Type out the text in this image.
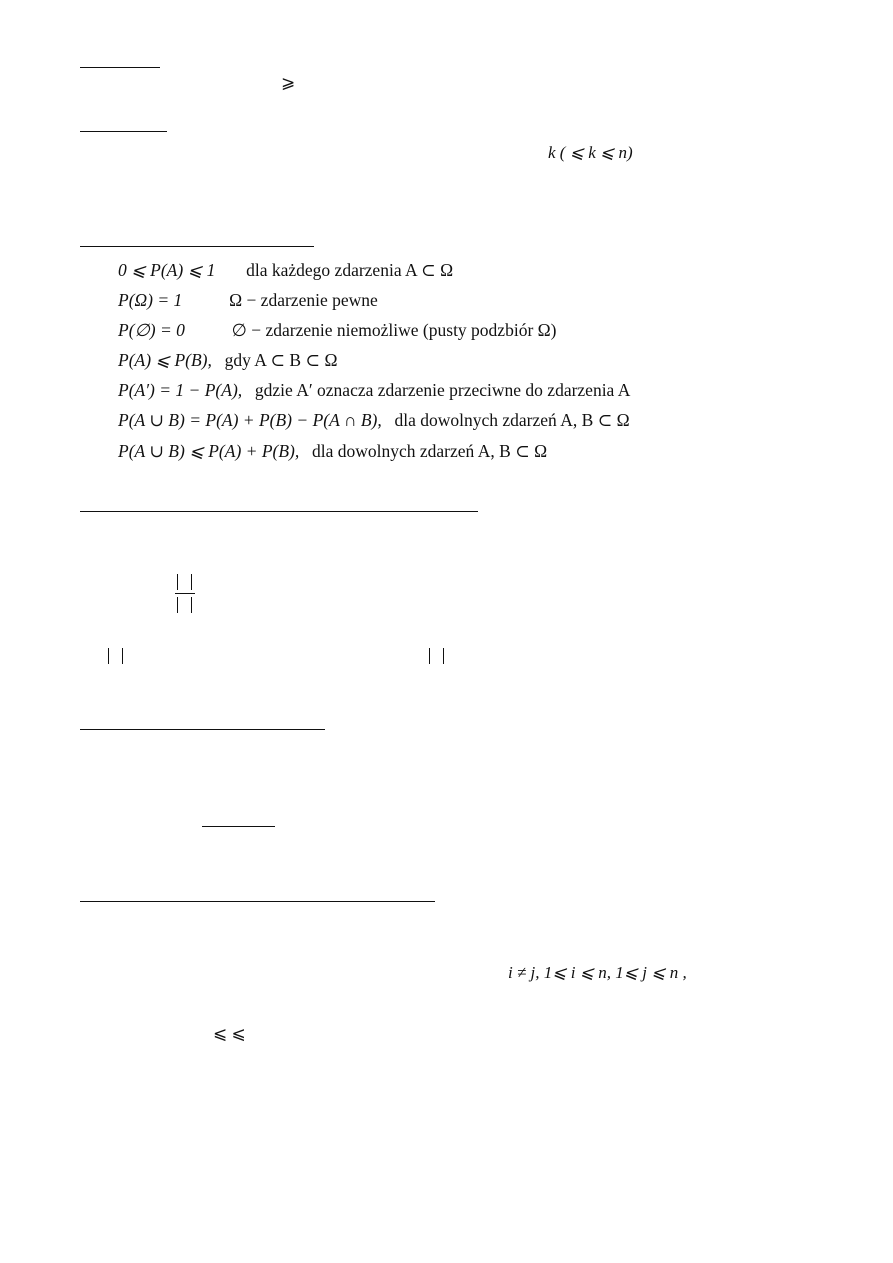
⩾
k ( ⩽ k ⩽ n)
0 ⩽ P(A) ⩽ 1 dla każdego zdarzenia A ⊂ Ω
P(Ω) = 1	Ω − zdarzenie pewne
P(∅) = 0	∅ − zdarzenie niemożliwe (pusty podzbiór Ω)
P(A) ⩽ P(B), gdy A ⊂ B ⊂ Ω
P(A′) = 1 − P(A), gdzie A′ oznacza zdarzenie przeciwne do zdarzenia A
P(A ∪ B) = P(A) + P(B) − P(A ∩ B), dla dowolnych zdarzeń A, B ⊂ Ω
P(A ∪ B) ⩽ P(A) + P(B), dla dowolnych zdarzeń A, B ⊂ Ω
i ≠ j, 1⩽ i ⩽ n, 1⩽ j ⩽ n ,
⩽ ⩽
